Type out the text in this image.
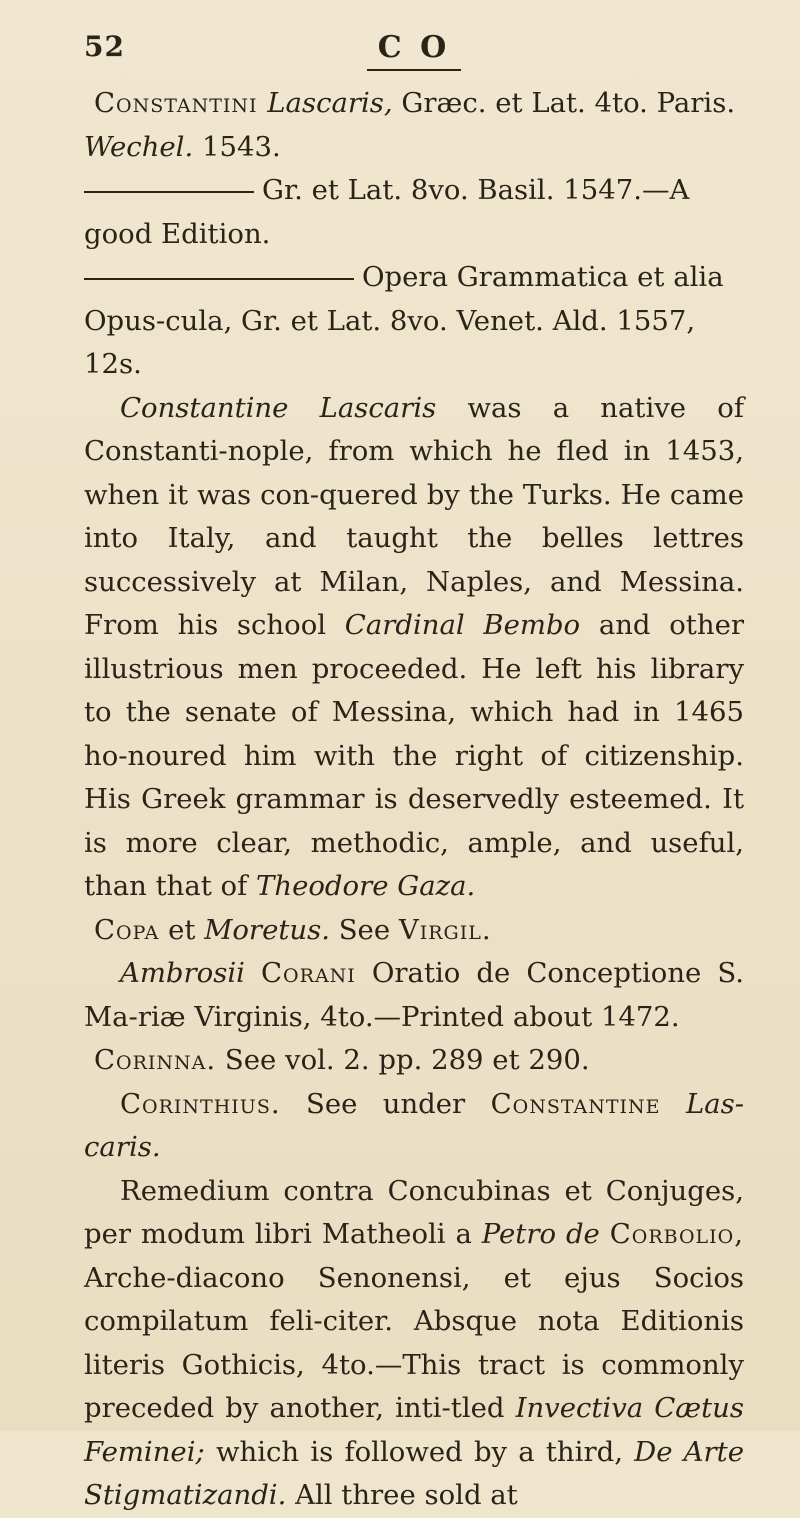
52	C O

Constantini Lascaris, Græc. et Lat. 4to. Paris. Wechel. 1543.

Gr. et Lat. 8vo. Basil. 1547.—A good Edition.

Opera Grammatica et alia Opus-cula, Gr. et Lat. 8vo. Venet. Ald. 1557, 12s.

Constantine Lascaris was a native of Constanti-nople, from which he fled in 1453, when it was con-quered by the Turks. He came into Italy, and taught the belles lettres successively at Milan, Naples, and Messina. From his school Cardinal Bembo and other illustrious men proceeded. He left his library to the senate of Messina, which had in 1465 ho-noured him with the right of citizenship. His Greek grammar is deservedly esteemed. It is more clear, methodic, ample, and useful, than that of Theodore Gaza.

Copa et Moretus. See Virgil.

Ambrosii Corani Oratio de Conceptione S. Ma-riæ Virginis, 4to.—Printed about 1472.

Corinna. See vol. 2. pp. 289 et 290.

Corinthius. See under Constantine Las-caris.

Remedium contra Concubinas et Conjuges, per modum libri Matheoli a Petro de Corbolio, Arche-diacono Senonensi, et ejus Socios compilatum feli-citer. Absque nota Editionis literis Gothicis, 4to.—This tract is commonly preceded by another, inti-tled Invectiva Cætus Feminei; which is followed by a third, De Arte Stigmatizandi. All three sold at
